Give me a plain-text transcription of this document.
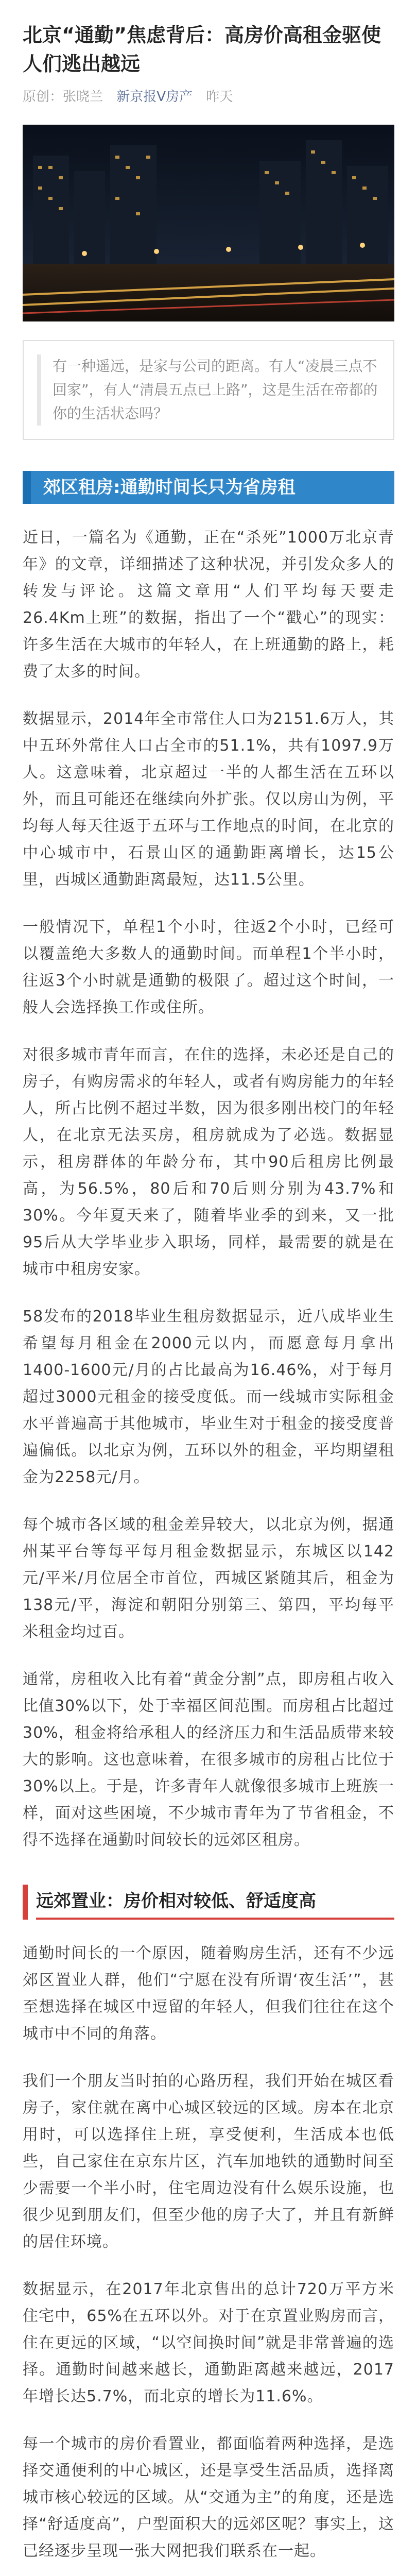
北京“通勤”焦虑背后：高房价高租金驱使人们逃出越远
原创：张晓兰 新京报V房产 昨天

有一种遥远，是家与公司的距离。有人“凌晨三点不回家”，有人“清晨五点已上路”，这是生活在帝都的你的生活状态吗？

郊区租房:通勤时间长只为省房租

近日，一篇名为《通勤，正在“杀死”1000万北京青年》的文章，详细描述了这种状况，并引发众多人的转发与评论。这篇文章用“人们平均每天要走26.4Km上班”的数据，指出了一个“戳心”的现实：许多生活在大城市的年轻人，在上班通勤的路上，耗费了太多的时间。

数据显示，2014年全市常住人口为2151.6万人，其中五环外常住人口占全市的51.1%，共有1097.9万人。这意味着，北京超过一半的人都生活在五环以外，而且可能还在继续向外扩张。仅以房山为例，平均每人每天往返于五环与工作地点的时间，在北京的中心城市中，石景山区的通勤距离增长，达15公里，西城区通勤距离最短，达11.5公里。

一般情况下，单程1个小时，往返2个小时，已经可以覆盖绝大多数人的通勤时间。而单程1个半小时，往返3个小时就是通勤的极限了。超过这个时间，一般人会选择换工作或住所。

对很多城市青年而言，在住的选择，未必还是自己的房子，有购房需求的年轻人，或者有购房能力的年轻人，所占比例不超过半数，因为很多刚出校门的年轻人，在北京无法买房，租房就成为了必选。数据显示，租房群体的年龄分布，其中90后租房比例最高，为56.5%，80后和70后则分别为43.7%和30%。今年夏天来了，随着毕业季的到来，又一批95后从大学毕业步入职场，同样，最需要的就是在城市中租房安家。

58发布的2018毕业生租房数据显示，近八成毕业生希望每月租金在2000元以内，而愿意每月拿出1400-1600元/月的占比最高为16.46%，对于每月超过3000元租金的接受度低。而一线城市实际租金水平普遍高于其他城市，毕业生对于租金的接受度普遍偏低。以北京为例，五环以外的租金，平均期望租金为2258元/月。

每个城市各区域的租金差异较大，以北京为例，据通州某平台等每平每月租金数据显示，东城区以142元/平米/月位居全市首位，西城区紧随其后，租金为138元/平，海淀和朝阳分别第三、第四，平均每平米租金均过百。

通常，房租收入比有着“黄金分割”点，即房租占收入比值30%以下，处于幸福区间范围。而房租占比超过30%，租金将给承租人的经济压力和生活品质带来较大的影响。这也意味着，在很多城市的房租占比位于30%以上。于是，许多青年人就像很多城市上班族一样，面对这些困境，不少城市青年为了节省租金，不得不选择在通勤时间较长的远郊区租房。

远郊置业：房价相对较低、舒适度高

通勤时间长的一个原因，随着购房生活，还有不少远郊区置业人群，他们“宁愿在没有所谓‘夜生活’”，甚至想选择在城区中逗留的年轻人，但我们往往在这个城市中不同的角落。

我们一个朋友当时拍的心路历程，我们开始在城区看房子，家住就在离中心城区较远的区域。房本在北京用时，可以选择住上班，享受便利，生活成本也低些，自己家住在京东片区，汽车加地铁的通勤时间至少需要一个半小时，住宅周边没有什么娱乐设施，也很少见到朋友们，但至少他的房子大了，并且有新鲜的居住环境。

数据显示，在2017年北京售出的总计720万平方米住宅中，65%在五环以外。对于在京置业购房而言，住在更远的区域，“以空间换时间”就是非常普遍的选择。通勤时间越来越长，通勤距离越来越远，2017年增长达5.7%，而北京的增长为11.6%。

每一个城市的房价看置业，都面临着两种选择，是选择交通便利的中心城区，还是享受生活品质，选择离城市核心较远的区域。从“交通为主”的角度，还是选择“舒适度高”，户型面积大的远郊区呢？事实上，这已经逐步呈现一张大网把我们联系在一起。
